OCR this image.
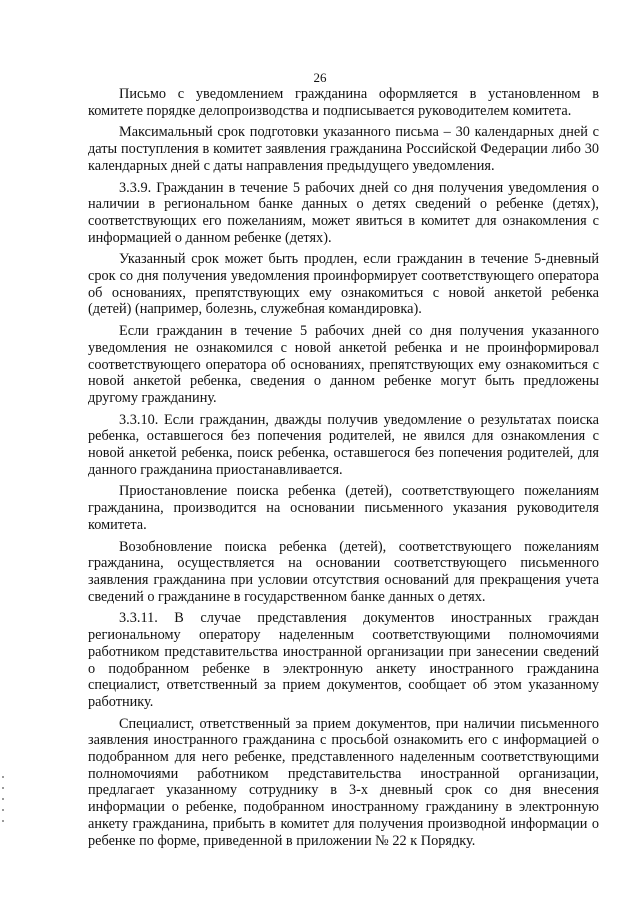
26

Письмо с уведомлением гражданина оформляется в установленном в комитете порядке делопроизводства и подписывается руководителем комитета.

Максимальный срок подготовки указанного письма – 30 календарных дней с даты поступления в комитет заявления гражданина Российской Федерации либо 30 календарных дней с даты направления предыдущего уведомления.

3.3.9. Гражданин в течение 5 рабочих дней со дня получения уведомления о наличии в региональном банке данных о детях сведений о ребенке (детях), соответствующих его пожеланиям, может явиться в комитет для ознакомления с информацией о данном ребенке (детях).

Указанный срок может быть продлен, если гражданин в течение 5-дневный срок со дня получения уведомления проинформирует соответствующего оператора об основаниях, препятствующих ему ознакомиться с новой анкетой ребенка (детей) (например, болезнь, служебная командировка).

Если гражданин в течение 5 рабочих дней со дня получения указанного уведомления не ознакомился с новой анкетой ребенка и не проинформировал соответствующего оператора об основаниях, препятствующих ему ознакомиться с новой анкетой ребенка, сведения о данном ребенке могут быть предложены другому гражданину.

3.3.10. Если гражданин, дважды получив уведомление о результатах поиска ребенка, оставшегося без попечения родителей, не явился для ознакомления с новой анкетой ребенка, поиск ребенка, оставшегося без попечения родителей, для данного гражданина приостанавливается.

Приостановление поиска ребенка (детей), соответствующего пожеланиям гражданина, производится на основании письменного указания руководителя комитета.

Возобновление поиска ребенка (детей), соответствующего пожеланиям гражданина, осуществляется на основании соответствующего письменного заявления гражданина при условии отсутствия оснований для прекращения учета сведений о гражданине в государственном банке данных о детях.

3.3.11. В случае представления документов иностранных граждан региональному оператору наделенным соответствующими полномочиями работником представительства иностранной организации при занесении сведений о подобранном ребенке в электронную анкету иностранного гражданина специалист, ответственный за прием документов, сообщает об этом указанному работнику.

Специалист, ответственный за прием документов, при наличии письменного заявления иностранного гражданина с просьбой ознакомить его с информацией о подобранном для него ребенке, представленного наделенным соответствующими полномочиями работником представительства иностранной организации, предлагает указанному сотруднику в 3-х дневный срок со дня внесения информации о ребенке, подобранном иностранному гражданину в электронную анкету гражданина, прибыть в комитет для получения производной информации о ребенке по форме, приведенной в приложении № 22 к Порядку.
